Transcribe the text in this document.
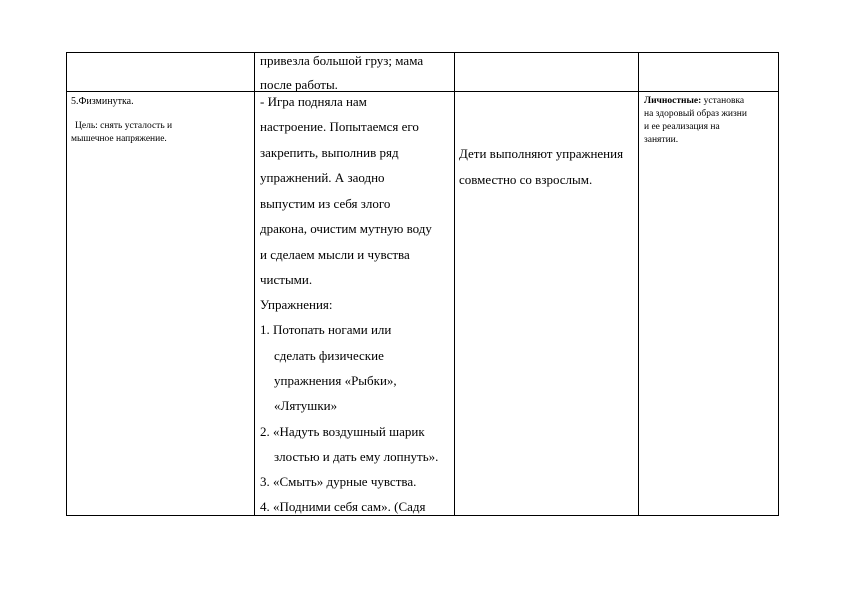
привезла большой груз; мама
после работы.
5.Физминутка.
Цель: снять усталость и
мышечное напряжение.
- Игра подняла нам
настроение. Попытаемся его
закрепить, выполнив ряд
упражнений. А заодно
выпустим из себя злого
дракона, очистим мутную воду
и сделаем мысли и чувства
чистыми.
Упражнения:
1. Потопать ногами или
сделать физические
упражнения «Рыбки»,
«Лятушки»
2. «Надуть воздушный шарик
злостью и дать ему лопнуть».
3. «Смыть» дурные чувства.
4. «Подними себя сам». (Садя
Дети выполняют упражнения
совместно со взрослым.
Личностные: установка
на здоровый образ жизни
и ее реализация на
занятии.
